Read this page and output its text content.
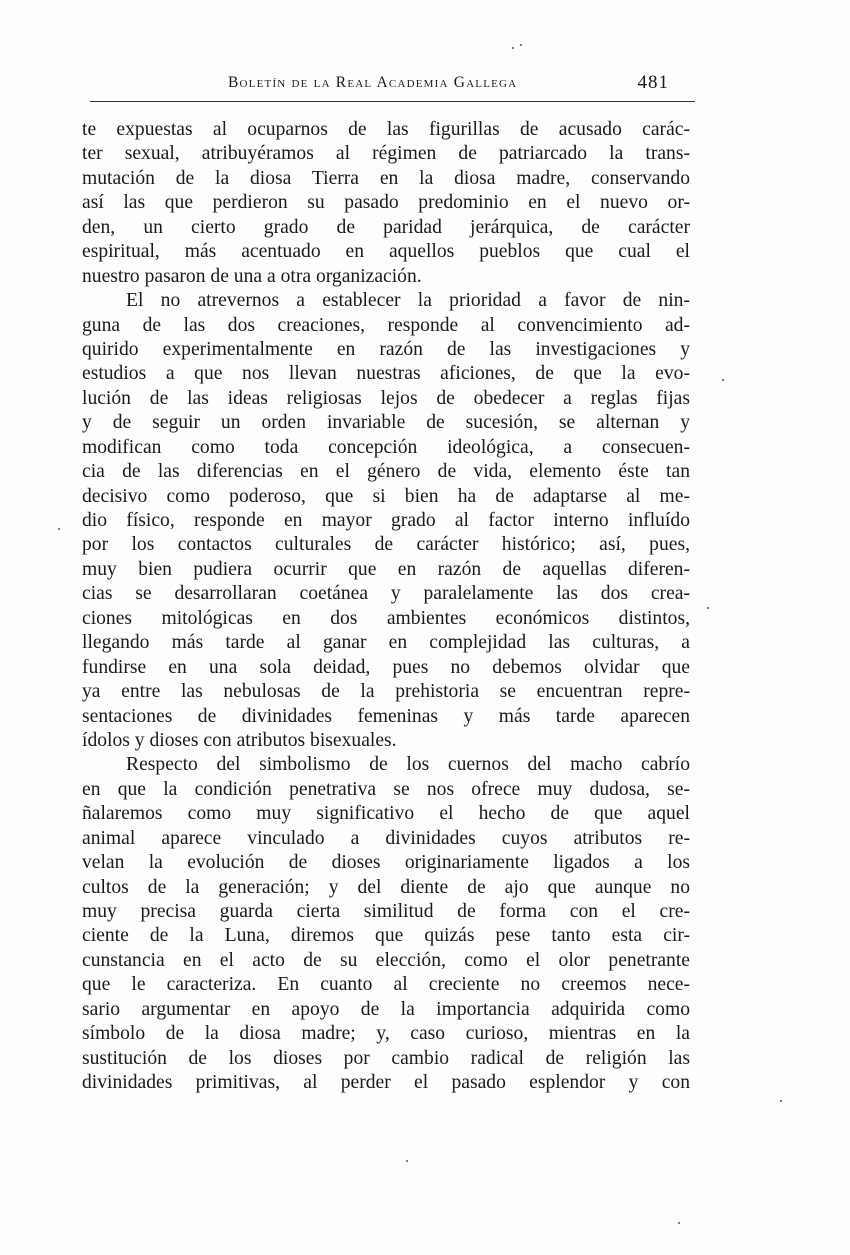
Boletín de la Real Academia Gallega	481
te expuestas al ocuparnos de las figurillas de acusado carác-
ter sexual, atribuyéramos al régimen de patriarcado la trans-
mutación de la diosa Tierra en la diosa madre, conservando
así las que perdieron su pasado predominio en el nuevo or-
den, un cierto grado de paridad jerárquica, de carácter
espiritual, más acentuado en aquellos pueblos que cual el
nuestro pasaron de una a otra organización.
El no atrevernos a establecer la prioridad a favor de nin-
guna de las dos creaciones, responde al convencimiento ad-
quirido experimentalmente en razón de las investigaciones y
estudios a que nos llevan nuestras aficiones, de que la evo-
lución de las ideas religiosas lejos de obedecer a reglas fijas
y de seguir un orden invariable de sucesión, se alternan y
modifican como toda concepción ideológica, a consecuen-
cia de las diferencias en el género de vida, elemento éste tan
decisivo como poderoso, que si bien ha de adaptarse al me-
dio físico, responde en mayor grado al factor interno influído
por los contactos culturales de carácter histórico; así, pues,
muy bien pudiera ocurrir que en razón de aquellas diferen-
cias se desarrollaran coetánea y paralelamente las dos crea-
ciones mitológicas en dos ambientes económicos distintos,
llegando más tarde al ganar en complejidad las culturas, a
fundirse en una sola deidad, pues no debemos olvidar que
ya entre las nebulosas de la prehistoria se encuentran repre-
sentaciones de divinidades femeninas y más tarde aparecen
ídolos y dioses con atributos bisexuales.
Respecto del simbolismo de los cuernos del macho cabrío
en que la condición penetrativa se nos ofrece muy dudosa, se-
ñalaremos como muy significativo el hecho de que aquel
animal aparece vinculado a divinidades cuyos atributos re-
velan la evolución de dioses originariamente ligados a los
cultos de la generación; y del diente de ajo que aunque no
muy precisa guarda cierta similitud de forma con el cre-
ciente de la Luna, diremos que quizás pese tanto esta cir-
cunstancia en el acto de su elección, como el olor penetrante
que le caracteriza. En cuanto al creciente no creemos nece-
sario argumentar en apoyo de la importancia adquirida como
símbolo de la diosa madre; y, caso curioso, mientras en la
sustitución de los dioses por cambio radical de religión las
divinidades primitivas, al perder el pasado esplendor y con
